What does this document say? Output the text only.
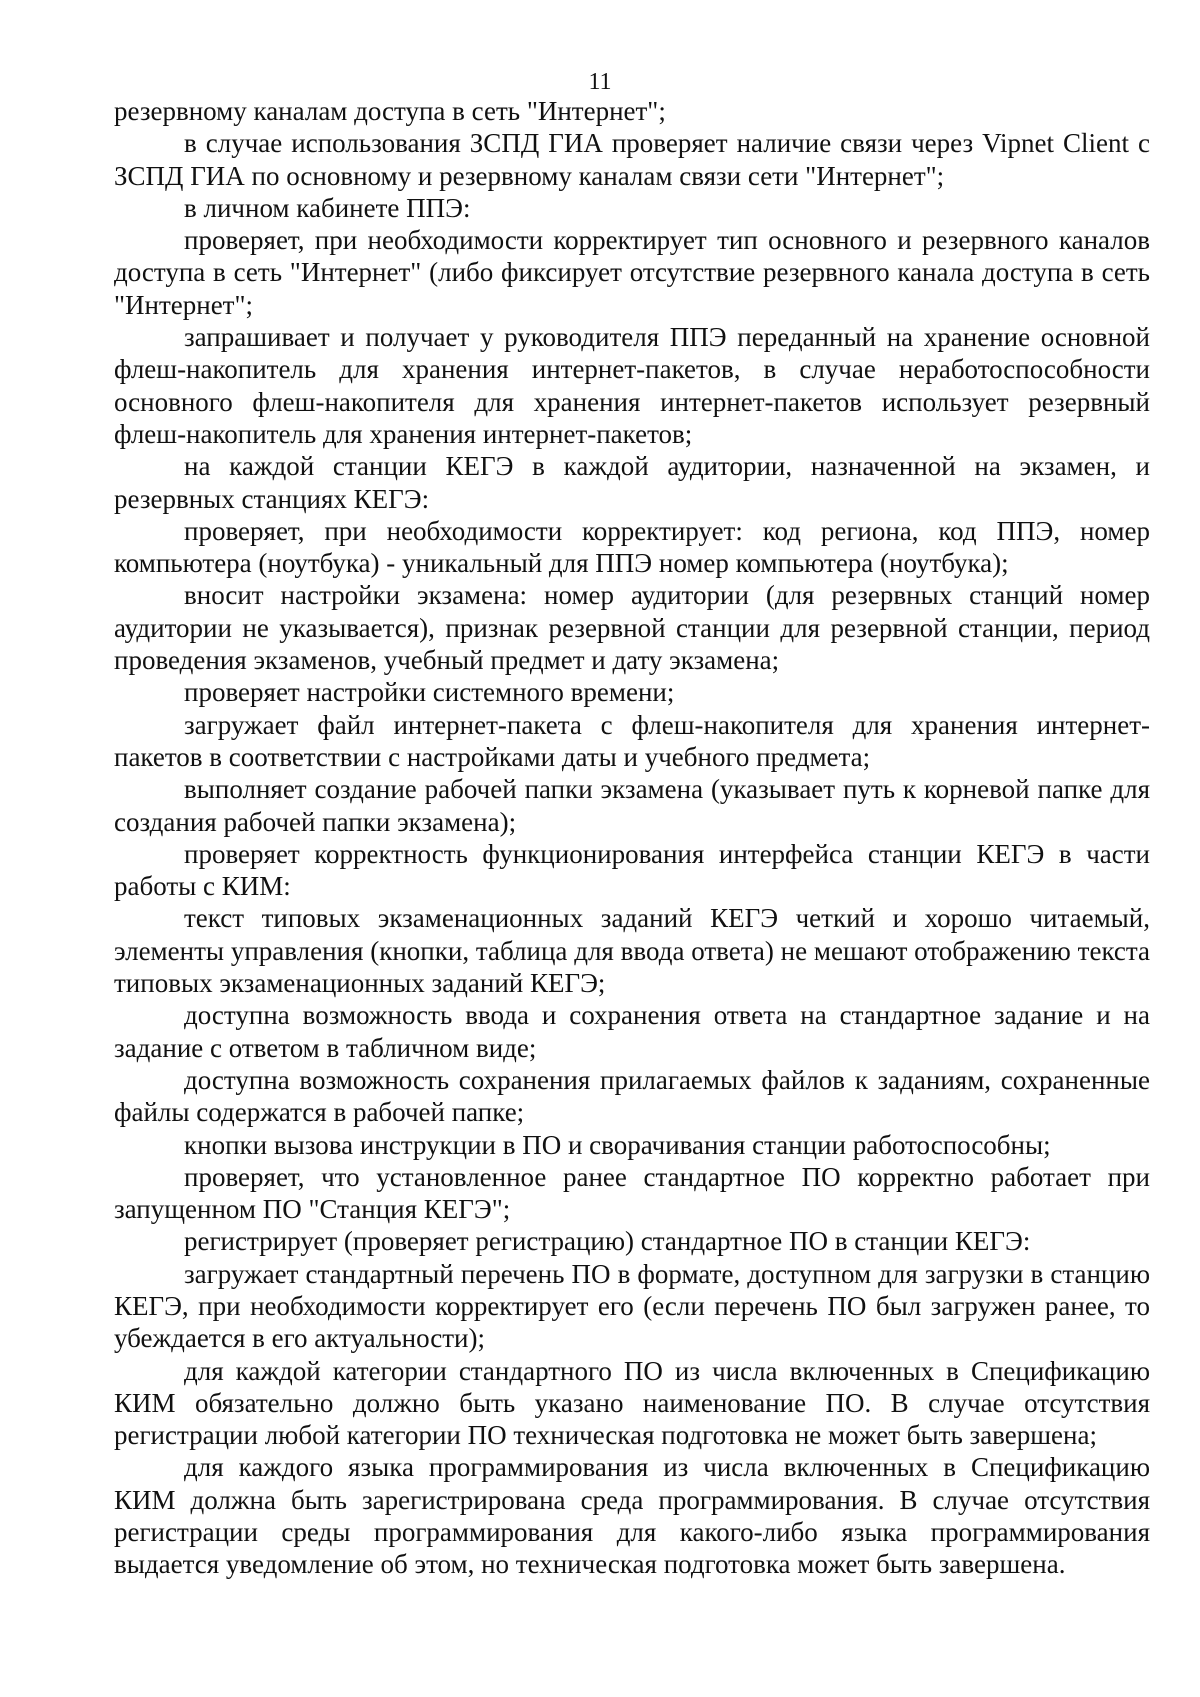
11

резервному каналам доступа в сеть "Интернет";

в случае использования ЗСПД ГИА проверяет наличие связи через Vipnet Client с ЗСПД ГИА по основному и резервному каналам связи сети "Интернет";

в личном кабинете ППЭ:

проверяет, при необходимости корректирует тип основного и резервного каналов доступа в сеть "Интернет" (либо фиксирует отсутствие резервного канала доступа в сеть "Интернет";

запрашивает и получает у руководителя ППЭ переданный на хранение основной флеш-накопитель для хранения интернет-пакетов, в случае неработоспособности основного флеш-накопителя для хранения интернет-пакетов использует резервный флеш-накопитель для хранения интернет-пакетов;

на каждой станции КЕГЭ в каждой аудитории, назначенной на экзамен, и резервных станциях КЕГЭ:

проверяет, при необходимости корректирует: код региона, код ППЭ, номер компьютера (ноутбука) - уникальный для ППЭ номер компьютера (ноутбука);

вносит настройки экзамена: номер аудитории (для резервных станций номер аудитории не указывается), признак резервной станции для резервной станции, период проведения экзаменов, учебный предмет и дату экзамена;

проверяет настройки системного времени;

загружает файл интернет-пакета с флеш-накопителя для хранения интернет-пакетов в соответствии с настройками даты и учебного предмета;

выполняет создание рабочей папки экзамена (указывает путь к корневой папке для создания рабочей папки экзамена);

проверяет корректность функционирования интерфейса станции КЕГЭ в части работы с КИМ:

текст типовых экзаменационных заданий КЕГЭ четкий и хорошо читаемый, элементы управления (кнопки, таблица для ввода ответа) не мешают отображению текста типовых экзаменационных заданий КЕГЭ;

доступна возможность ввода и сохранения ответа на стандартное задание и на задание с ответом в табличном виде;

доступна возможность сохранения прилагаемых файлов к заданиям, сохраненные файлы содержатся в рабочей папке;

кнопки вызова инструкции в ПО и сворачивания станции работоспособны;

проверяет, что установленное ранее стандартное ПО корректно работает при запущенном ПО "Станция КЕГЭ";

регистрирует (проверяет регистрацию) стандартное ПО в станции КЕГЭ:

загружает стандартный перечень ПО в формате, доступном для загрузки в станцию КЕГЭ, при необходимости корректирует его (если перечень ПО был загружен ранее, то убеждается в его актуальности);

для каждой категории стандартного ПО из числа включенных в Спецификацию КИМ обязательно должно быть указано наименование ПО. В случае отсутствия регистрации любой категории ПО техническая подготовка не может быть завершена;

для каждого языка программирования из числа включенных в Спецификацию КИМ должна быть зарегистрирована среда программирования. В случае отсутствия регистрации среды программирования для какого-либо языка программирования выдается уведомление об этом, но техническая подготовка может быть завершена.
